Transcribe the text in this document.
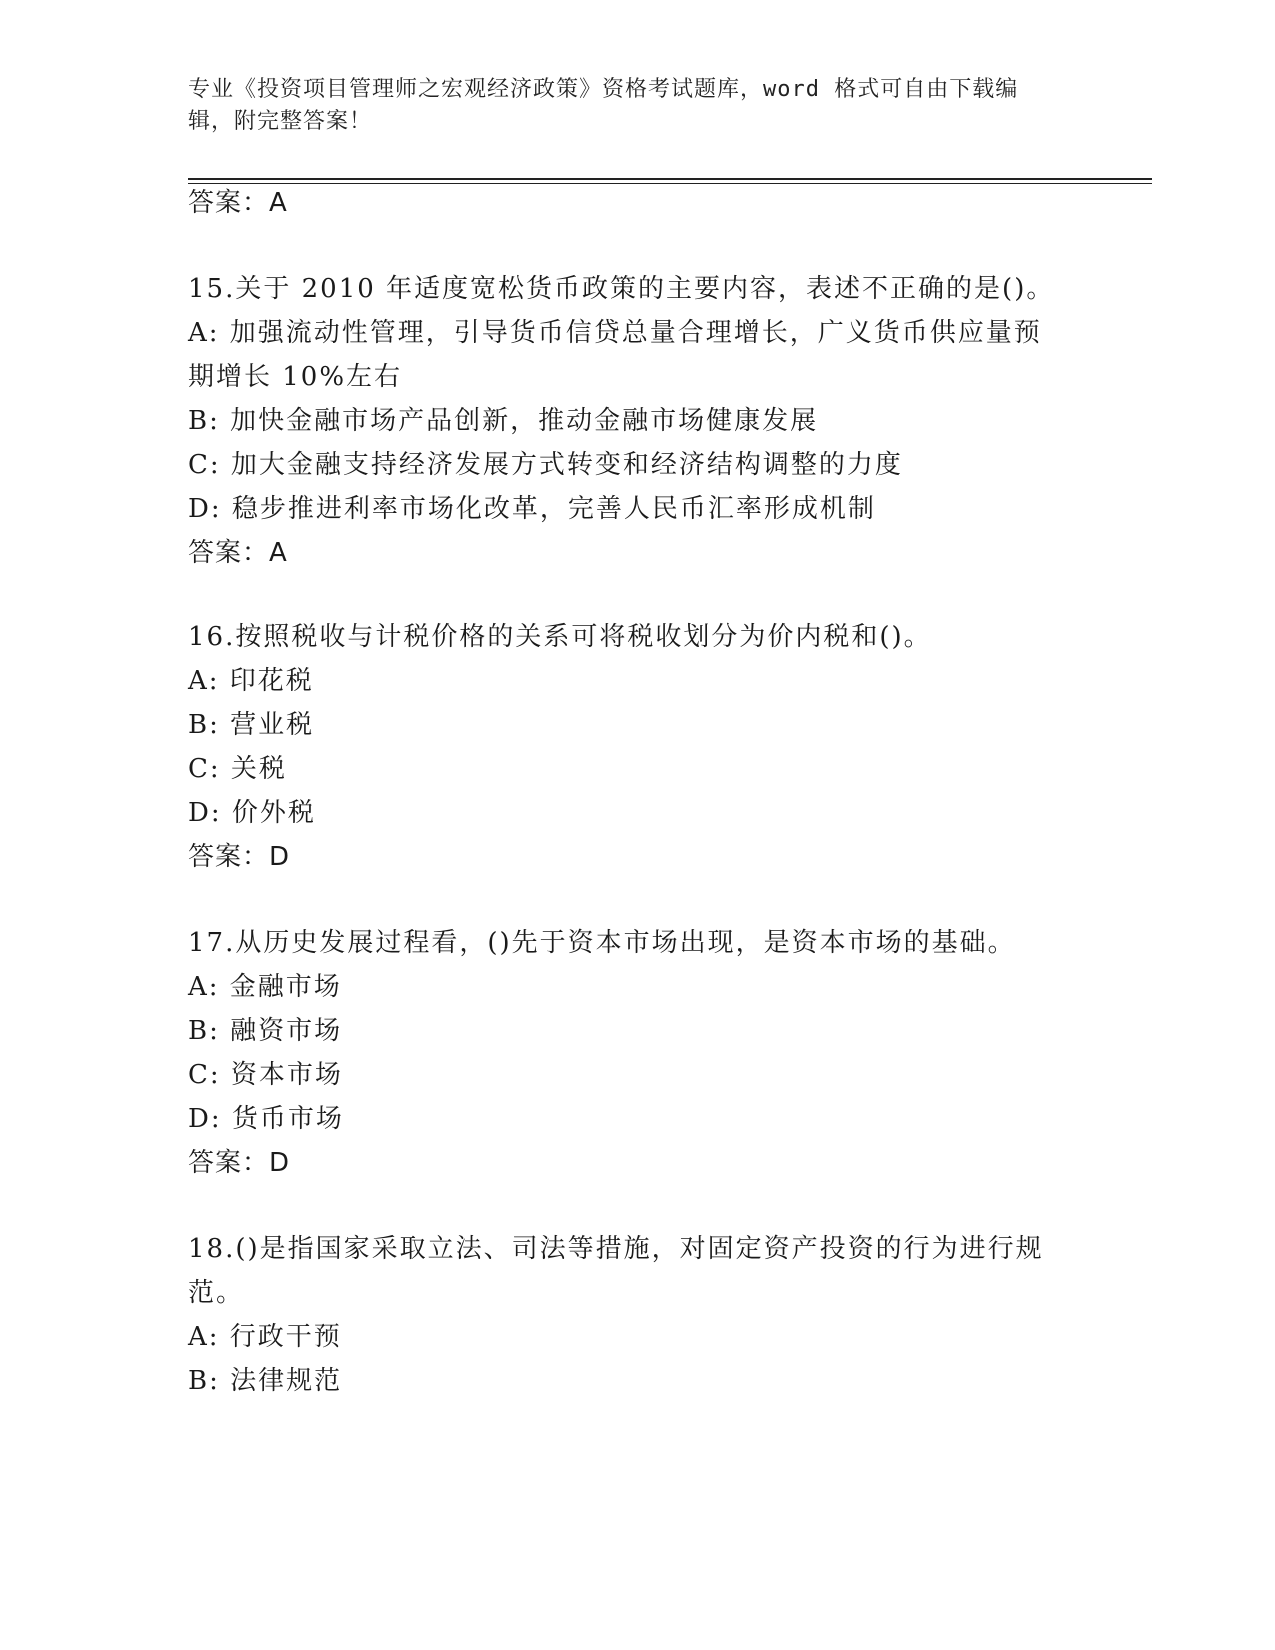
专业《投资项目管理师之宏观经济政策》资格考试题库，word 格式可自由下载编
辑，附完整答案！
答案：A
15.关于 2010 年适度宽松货币政策的主要内容，表述不正确的是()。
A: 加强流动性管理，引导货币信贷总量合理增长，广义货币供应量预
期增长 10%左右
B: 加快金融市场产品创新，推动金融市场健康发展
C: 加大金融支持经济发展方式转变和经济结构调整的力度
D: 稳步推进利率市场化改革，完善人民币汇率形成机制
答案：A
16.按照税收与计税价格的关系可将税收划分为价内税和()。
A: 印花税
B: 营业税
C: 关税
D: 价外税
答案：D
17.从历史发展过程看，()先于资本市场出现，是资本市场的基础。
A: 金融市场
B: 融资市场
C: 资本市场
D: 货币市场
答案：D
18.()是指国家采取立法、司法等措施，对固定资产投资的行为进行规
范。
A: 行政干预
B: 法律规范
